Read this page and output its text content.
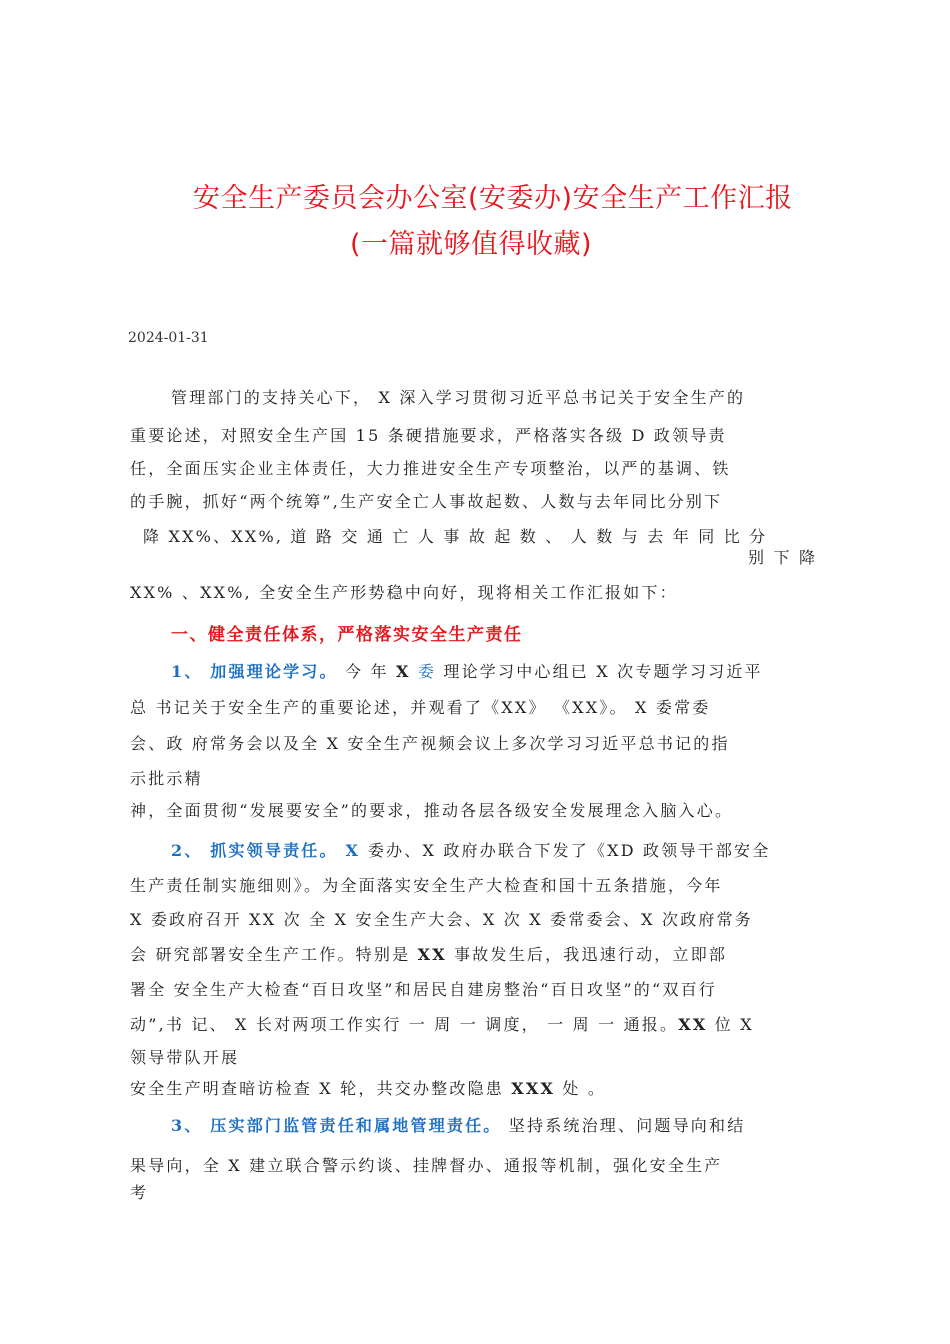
安全生产委员会办公室(安委办)安全生产工作汇报
(一篇就够值得收藏)
2024-01-31
管理部门的支持关心下， X 深入学习贯彻习近平总书记关于安全生产的
重要论述，对照安全生产国 15 条硬措施要求，严格落实各级 D 政领导责
任，全面压实企业主体责任，大力推进安全生产专项整治，以严的基调、铁
的手腕，抓好“两个统筹”,生产安全亡人事故起数、人数与去年同比分别下
降 XX%、XX%, 道 路 交 通 亡 人 事 故 起 数 、 人 数 与 去 年 同 比 分
别 下 降
XX% 、XX%, 全安全生产形势稳中向好，现将相关工作汇报如下：
一、健全责任体系，严格落实安全生产责任
1、 加强理论学习。 今 年 X 委 理论学习中心组已 X 次专题学习习近平
总 书记关于安全生产的重要论述，并观看了《XX》 《XX》。 X 委常委
会、政 府常务会以及全 X 安全生产视频会议上多次学习习近平总书记的指
示批示精
神，全面贯彻“发展要安全”的要求，推动各层各级安全发展理念入脑入心。
2、 抓实领导责任。 X 委办、X 政府办联合下发了《XD 政领导干部安全
生产责任制实施细则》。为全面落实安全生产大检查和国十五条措施，今年
X 委政府召开 XX 次 全 X 安全生产大会、X 次 X 委常委会、X 次政府常务
会 研究部署安全生产工作。特别是 XX 事故发生后，我迅速行动，立即部
署全 安全生产大检查“百日攻坚”和居民自建房整治“百日攻坚”的“双百行
动”,书 记、 X 长对两项工作实行 一 周 一 调度， 一 周 一 通报。XX 位 X
领导带队开展
安全生产明查暗访检查 X 轮，共交办整改隐患 XXX 处 。
3、 压实部门监管责任和属地管理责任。 坚持系统治理、问题导向和结
果导向，全 X 建立联合警示约谈、挂牌督办、通报等机制，强化安全生产
考
